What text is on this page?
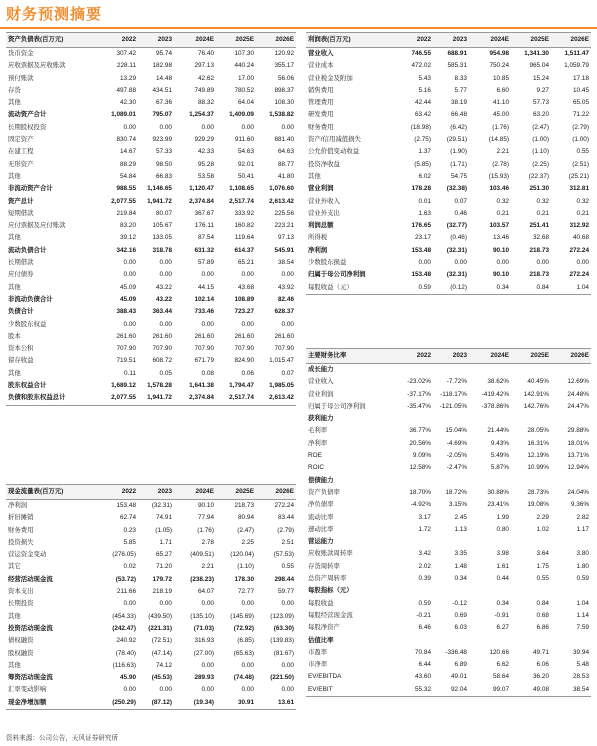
财务预测摘要
资产负债表(百万元)	2022	2023	2024E	2025E	2026E
货币资金	307.42	95.74	76.40	107.30	120.92
应收票据及应收账款	228.11	182.98	297.13	440.24	355.17
预付账款	13.29	14.48	42.62	17.00	56.06
存货	497.88	434.51	749.89	780.52	898.37
其他	42.30	67.36	88.32	64.04	108.30
流动资产合计	1,089.01	795.07	1,254.37	1,409.09	1,538.82
长期股权投资	0.00	0.00	0.00	0.00	0.00
固定资产	830.74	923.99	929.29	911.60	881.40
在建工程	14.67	57.33	42.33	54.63	64.63
无形资产	88.29	98.50	95.28	92.01	88.77
其他	54.84	66.83	53.58	50.41	41.80
非流动资产合计	988.55	1,146.65	1,120.47	1,108.65	1,076.60
资产总计	2,077.55	1,941.72	2,374.84	2,517.74	2,613.42
短期借款	219.84	80.07	367.67	333.92	225.56
应付票据及应付账款	83.20	105.67	176.11	160.82	223.21
其他	39.12	133.05	87.54	119.64	97.13
流动负债合计	342.16	318.78	631.32	614.37	545.91
长期借款	0.00	0.00	57.89	65.21	38.54
应付债券	0.00	0.00	0.00	0.00	0.00
其他	45.09	43.22	44.15	43.68	43.92
非流动负债合计	45.09	43.22	102.14	108.89	82.46
负债合计	388.43	363.44	733.46	723.27	628.37
少数股东权益	0.00	0.00	0.00	0.00	0.00
股本	261.60	261.60	261.60	261.60	261.60
资本公积	707.90	707.90	707.90	707.90	707.90
留存收益	719.51	608.72	671.79	824.90	1,015.47
其他	0.11	0.05	0.08	0.06	0.07
股东权益合计	1,689.12	1,578.28	1,641.38	1,794.47	1,985.05
负债和股东权益总计	2,077.55	1,941.72	2,374.84	2,517.74	2,613.42
利润表(百万元)	2022	2023	2024E	2025E	2026E
营业收入	746.55	688.91	954.98	1,341.30	1,511.47
营业成本	472.02	585.31	750.24	965.04	1,059.79
营业税金及附加	5.43	8.33	10.85	15.24	17.18
销售费用	5.16	5.77	6.60	9.27	10.45
管理费用	42.44	38.19	41.10	57.73	65.05
研发费用	63.42	66.48	45.00	63.20	71.22
财务费用	(18.98)	(6.42)	(1.76)	(2.47)	(2.79)
资产/信用减值损失	(2.75)	(29.51)	(14.85)	(1.00)	(1.00)
公允价值变动收益	1.37	(1.90)	2.21	(1.10)	0.55
投资净收益	(5.85)	(1.71)	(2.78)	(2.25)	(2.51)
其他	6.02	54.75	(15.93)	(22.37)	(25.21)
营业利润	178.28	(32.38)	103.46	251.30	312.81
营业外收入	0.01	0.07	0.32	0.32	0.32
营业外支出	1.63	0.46	0.21	0.21	0.21
利润总额	176.65	(32.77)	103.57	251.41	312.92
所得税	23.17	(0.46)	13.46	32.68	40.68
净利润	153.48	(32.31)	90.10	218.73	272.24
少数股东损益	0.00	0.00	0.00	0.00	0.00
归属于母公司净利润	153.48	(32.31)	90.10	218.73	272.24
每股收益（元）	0.59	(0.12)	0.34	0.84	1.04
主要财务比率	2022	2023	2024E	2025E	2026E
成长能力					
营业收入	-23.02%	-7.72%	38.62%	40.45%	12.69%
营业利润	-37.17%	-118.17%	-419.42%	142.91%	24.48%
归属于母公司净利润	-35.47%	-121.05%	-378.86%	142.76%	24.47%
获利能力					
毛利率	36.77%	15.04%	21.44%	28.05%	29.88%
净利率	20.56%	-4.69%	9.43%	16.31%	18.01%
ROE	9.09%	-2.05%	5.49%	12.19%	13.71%
ROIC	12.58%	-2.47%	5.87%	10.99%	12.94%
偿债能力					
资产负债率	18.70%	18.72%	30.88%	28.73%	24.04%
净负债率	-4.92%	3.15%	23.41%	19.08%	9.36%
流动比率	3.17	2.45	1.99	2.29	2.82
速动比率	1.72	1.13	0.80	1.02	1.17
营运能力					
应收账款周转率	3.42	3.35	3.98	3.64	3.80
存货周转率	2.02	1.48	1.61	1.75	1.80
总资产周转率	0.39	0.34	0.44	0.55	0.59
每股指标（元）					
每股收益	0.59	-0.12	0.34	0.84	1.04
每股经营现金流	-0.21	0.69	-0.91	0.68	1.14
每股净资产	6.46	6.03	6.27	6.86	7.59
估值比率					
市盈率	70.84	-336.48	120.66	49.71	39.94
市净率	6.44	6.89	6.62	6.06	5.48
EV/EBITDA	43.60	49.01	58.64	36.20	28.53
EV/EBIT	55.32	92.04	99.07	49.08	38.54
现金流量表(百万元)	2022	2023	2024E	2025E	2026E
净利润	153.48	(32.31)	90.10	218.73	272.24
折旧摊销	62.74	74.91	77.94	80.94	83.44
财务费用	0.23	(1.05)	(1.76)	(2.47)	(2.79)
投资损失	5.85	1.71	2.78	2.25	2.51
营运资金变动	(276.05)	65.27	(409.51)	(120.04)	(57.53)
其它	0.02	71.20	2.21	(1.10)	0.55
经营活动现金流	(53.72)	179.72	(238.23)	178.30	298.44
资本支出	211.66	218.19	64.07	72.77	59.77
长期投资	0.00	0.00	0.00	0.00	0.00
其他	(454.33)	(439.50)	(135.10)	(145.69)	(123.09)
投资活动现金流	(242.47)	(221.31)	(71.03)	(72.92)	(63.30)
债权融资	240.92	(72.51)	316.93	(6.85)	(139.83)
股权融资	(78.40)	(47.14)	(27.00)	(65.63)	(81.67)
其他	(116.63)	74.12	0.00	0.00	0.00
筹资活动现金流	45.90	(45.53)	289.93	(74.48)	(221.50)
汇率变动影响	0.00	0.00	0.00	0.00	0.00
现金净增加额	(250.29)	(87.12)	(19.34)	30.91	13.61
资料来源：公司公告，天风证券研究所
